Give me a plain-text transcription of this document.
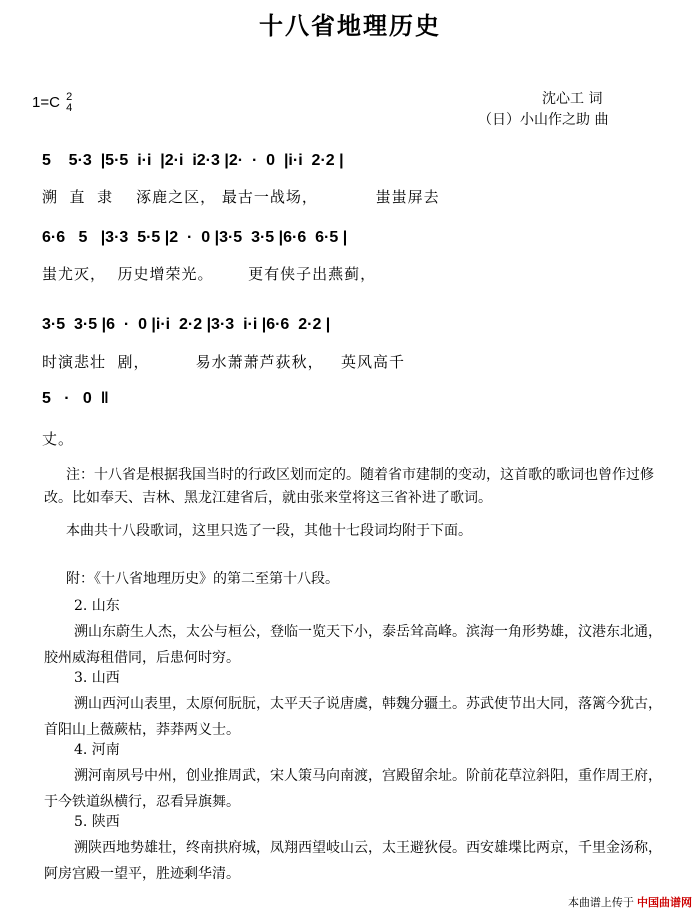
十八省地理历史
1=C 2
4
沈心工 词
（日）小山作之助 曲
5    5·3  |5·5  i·i  |2·i  i2·3 |2·  ·  0  |i·i  2·2 |
溯  直  隶    涿鹿之区， 最古一战场，          蚩蚩屏去
6·6   5   |3·3  5·5 |2  ·  0 |3·5  3·5 |6·6  6·5 |
蚩尤灭，  历史增荣光。      更有侠子出燕蓟，
3·5  3·5 |6  ·  0 |i·i  2·2 |3·3  i·i |6·6  2·2 |
时演悲壮  剧，        易水萧萧芦荻秋，   英风高千
5   ·   0  ‖
丈。
注：十八省是根据我国当时的行政区划而定的。随着省市建制的变动，这首歌的歌词也曾作过修改。比如奉天、吉林、黑龙江建省后，就由张来堂将这三省补进了歌词。
本曲共十八段歌词，这里只选了一段，其他十七段词均附于下面。
附：《十八省地理历史》的第二至第十八段。
2. 山东
溯山东蔚生人杰，太公与桓公，登临一览天下小，泰岳耸高峰。滨海一角形势雄，汶港东北通，胶州威海租借同，后患何时穷。
3. 山西
溯山西河山表里，太原何朊朊，太平天子说唐虞，韩魏分疆土。苏武使节出大同，落篱今犹古，首阳山上薇蕨枯，莽莽两义士。
4. 河南
溯河南夙号中州，创业推周武，宋人策马向南渡，宫殿留余址。阶前花草泣斜阳，重作周王府，于今铁道纵横行，忍看异旗舞。
5. 陕西
溯陕西地势雄壮，终南拱府城，凤翔西望岐山云，太王避狄侵。西安雄堞比两京，千里金汤称，阿房宫殿一望平，胜迹剩华清。
本曲谱上传于 中国曲谱网
